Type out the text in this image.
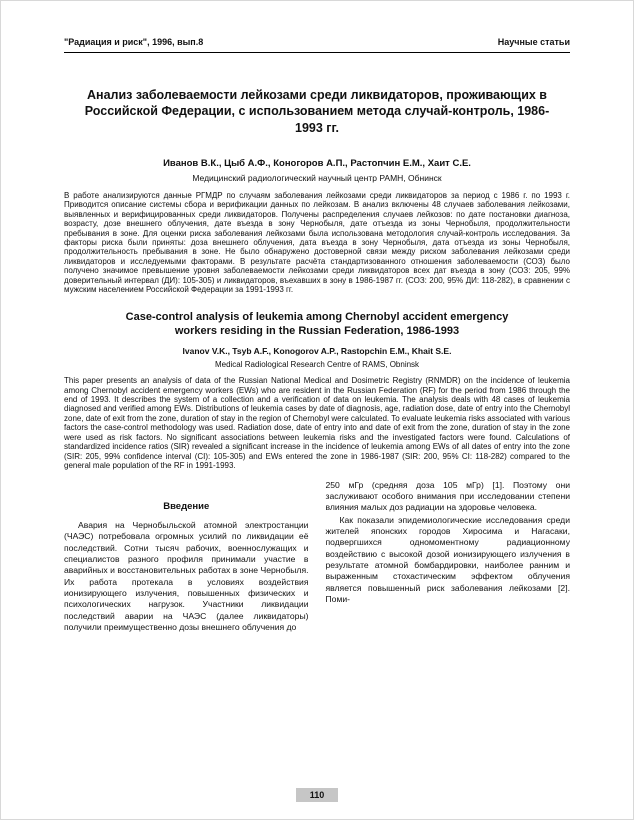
"Радиация и риск", 1996, вып.8	Научные статьи
Анализ заболеваемости лейкозами среди ликвидаторов, проживающих в Российской Федерации, с использованием метода случай-контроль, 1986-1993 гг.
Иванов В.К., Цыб А.Ф., Коногоров А.П., Растопчин Е.М., Хаит С.Е.
Медицинский радиологический научный центр РАМН, Обнинск
В работе анализируются данные РГМДР по случаям заболевания лейкозами среди ликвидаторов за период с 1986 г. по 1993 г. Приводится описание системы сбора и верификации данных по лейкозам. В анализ включены 48 случаев заболевания лейкозами, выявленных и верифицированных среди ликвидаторов. Получены распределения случаев лейкозов: по дате постановки диагноза, возрасту, дозе внешнего облучения, дате въезда в зону Чернобыля, дате отъезда из зоны Чернобыля, продолжительности пребывания в зоне. Для оценки риска заболевания лейкозами была использована методология случай-контроль исследования. За факторы риска были приняты: доза внешнего облучения, дата въезда в зону Чернобыля, дата отъезда из зоны Чернобыля, продолжительность пребывания в зоне. Не было обнаружено достоверной связи между риском заболевания лейкозами среди ликвидаторов и исследуемыми факторами. В результате расчёта стандартизованного отношения заболеваемости (СОЗ) было получено значимое превышение уровня заболеваемости лейкозами среди ликвидаторов всех дат въезда в зону (СОЗ: 205, 99% доверительный интервал (ДИ): 105-305) и ликвидаторов, въехавших в зону в 1986-1987 гг. (СОЗ: 200, 95% ДИ: 118-282), в сравнении с мужским населением Российской Федерации за 1991-1993 гг.
Case-control analysis of leukemia among Chernobyl accident emergency workers residing in the Russian Federation, 1986-1993
Ivanov V.K., Tsyb A.F., Konogorov A.P., Rastopchin E.M., Khait S.E.
Medical Radiological Research Centre of RAMS, Obninsk
This paper presents an analysis of data of the Russian National Medical and Dosimetric Registry (RNMDR) on the incidence of leukemia among Chernobyl accident emergency workers (EWs) who are resident in the Russian Federation (RF) for the period from 1986 through the end of 1993. It describes the system of a collection and a verification of data on leukemia. The analysis deals with 48 cases of leukemia diagnosed and verified among EWs. Distributions of leukemia cases by date of diagnosis, age, radiation dose, date of entry into the Chernobyl zone, date of exit from the zone, duration of stay in the region of Chernobyl were calculated. To evaluate leukemia risks associated with various factors the case-control methodology was used. Radiation dose, date of entry into and date of exit from the zone, duration of stay in the zone were used as risk factors. No significant associations between leukemia risks and the investigated factors were found. Calculations of standardized incidence ratios (SIR) revealed a significant increase in the incidence of leukemia among EWs of all dates of entry into the zone (SIR: 205, 99% confidence interval (CI): 105-305) and EWs entered the zone in 1986-1987 (SIR: 200, 95% CI: 118-282) compared to the general male population of the RF in 1991-1993.
Введение
Авария на Чернобыльской атомной электростанции (ЧАЭС) потребовала огромных усилий по ликвидации её последствий. Сотни тысяч рабочих, военнослужащих и специалистов разного профиля принимали участие в аварийных и восстановительных работах в зоне Чернобыля. Их работа протекала в условиях воздействия ионизирующего излучения, повышенных физических и психологических нагрузок. Участники ликвидации последствий аварии на ЧАЭС (далее ликвидаторы) получили преимущественно дозы внешнего облучения до
250 мГр (средняя доза 105 мГр) [1]. Поэтому они заслуживают особого внимания при исследовании степени влияния малых доз радиации на здоровье человека.
Как показали эпидемиологические исследования среди жителей японских городов Хиросима и Нагасаки, подвергшихся одномоментному радиационному воздействию с высокой дозой ионизирующего излучения в результате атомной бомбардировки, наиболее ранним и выраженным стохастическим эффектом облучения является повышенный риск заболевания лейкозами [2]. Поми-
110
